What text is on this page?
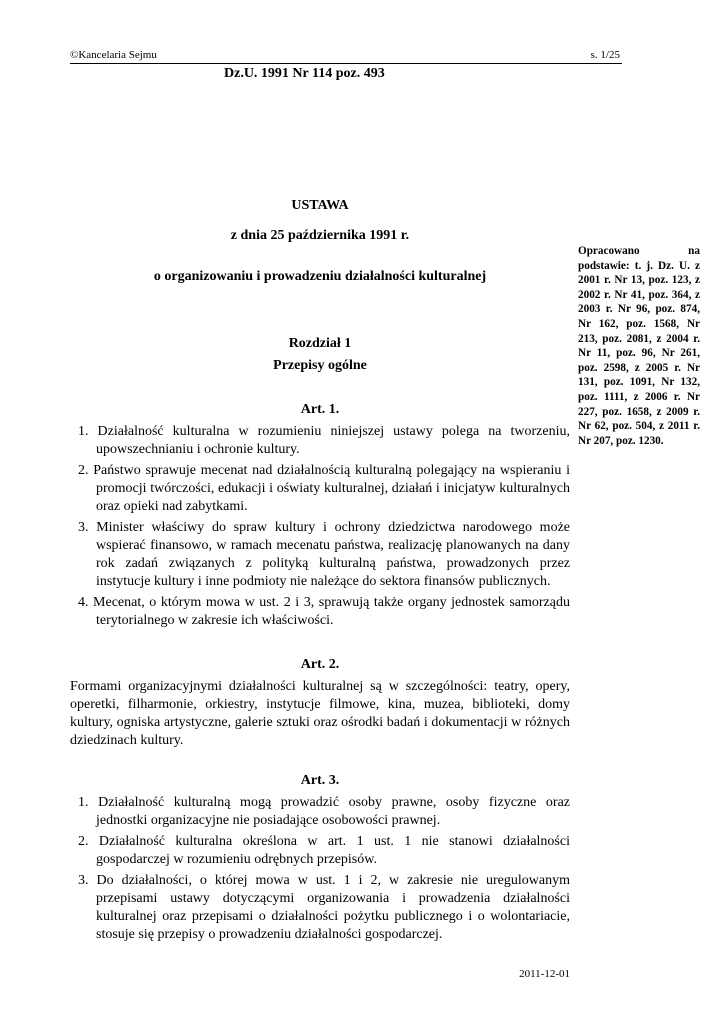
©Kancelaria Sejmu	s. 1/25
Dz.U. 1991 Nr 114 poz. 493
USTAWA
z dnia 25 października 1991 r.
o organizowaniu i prowadzeniu działalności kulturalnej
Rozdział 1
Przepisy ogólne
Art. 1.
1. Działalność kulturalna w rozumieniu niniejszej ustawy polega na tworzeniu, upowszechnianiu i ochronie kultury.
2. Państwo sprawuje mecenat nad działalnością kulturalną polegający na wspieraniu i promocji twórczości, edukacji i oświaty kulturalnej, działań i inicjatyw kulturalnych oraz opieki nad zabytkami.
3. Minister właściwy do spraw kultury i ochrony dziedzictwa narodowego może wspierać finansowo, w ramach mecenatu państwa, realizację planowanych na dany rok zadań związanych z polityką kulturalną państwa, prowadzonych przez instytucje kultury i inne podmioty nie należące do sektora finansów publicznych.
4. Mecenat, o którym mowa w ust. 2 i 3, sprawują także organy jednostek samorządu terytorialnego w zakresie ich właściwości.
Art. 2.
Formami organizacyjnymi działalności kulturalnej są w szczególności: teatry, opery, operetki, filharmonie, orkiestry, instytucje filmowe, kina, muzea, biblioteki, domy kultury, ogniska artystyczne, galerie sztuki oraz ośrodki badań i dokumentacji w różnych dziedzinach kultury.
Art. 3.
1. Działalność kulturalną mogą prowadzić osoby prawne, osoby fizyczne oraz jednostki organizacyjne nie posiadające osobowości prawnej.
2. Działalność kulturalna określona w art. 1 ust. 1 nie stanowi działalności gospodarczej w rozumieniu odrębnych przepisów.
3. Do działalności, o której mowa w ust. 1 i 2, w zakresie nie uregulowanym przepisami ustawy dotyczącymi organizowania i prowadzenia działalności kulturalnej oraz przepisami o działalności pożytku publicznego i o wolontariacie, stosuje się przepisy o prowadzeniu działalności gospodarczej.
Opracowano na podstawie: t. j. Dz. U. z 2001 r. Nr 13, poz. 123, z 2002 r. Nr 41, poz. 364, z 2003 r. Nr 96, poz. 874, Nr 162, poz. 1568, Nr 213, poz. 2081, z 2004 r. Nr 11, poz. 96, Nr 261, poz. 2598, z 2005 r. Nr 131, poz. 1091, Nr 132, poz. 1111, z 2006 r. Nr 227, poz. 1658, z 2009 r. Nr 62, poz. 504, z 2011 r. Nr 207, poz. 1230.
2011-12-01
